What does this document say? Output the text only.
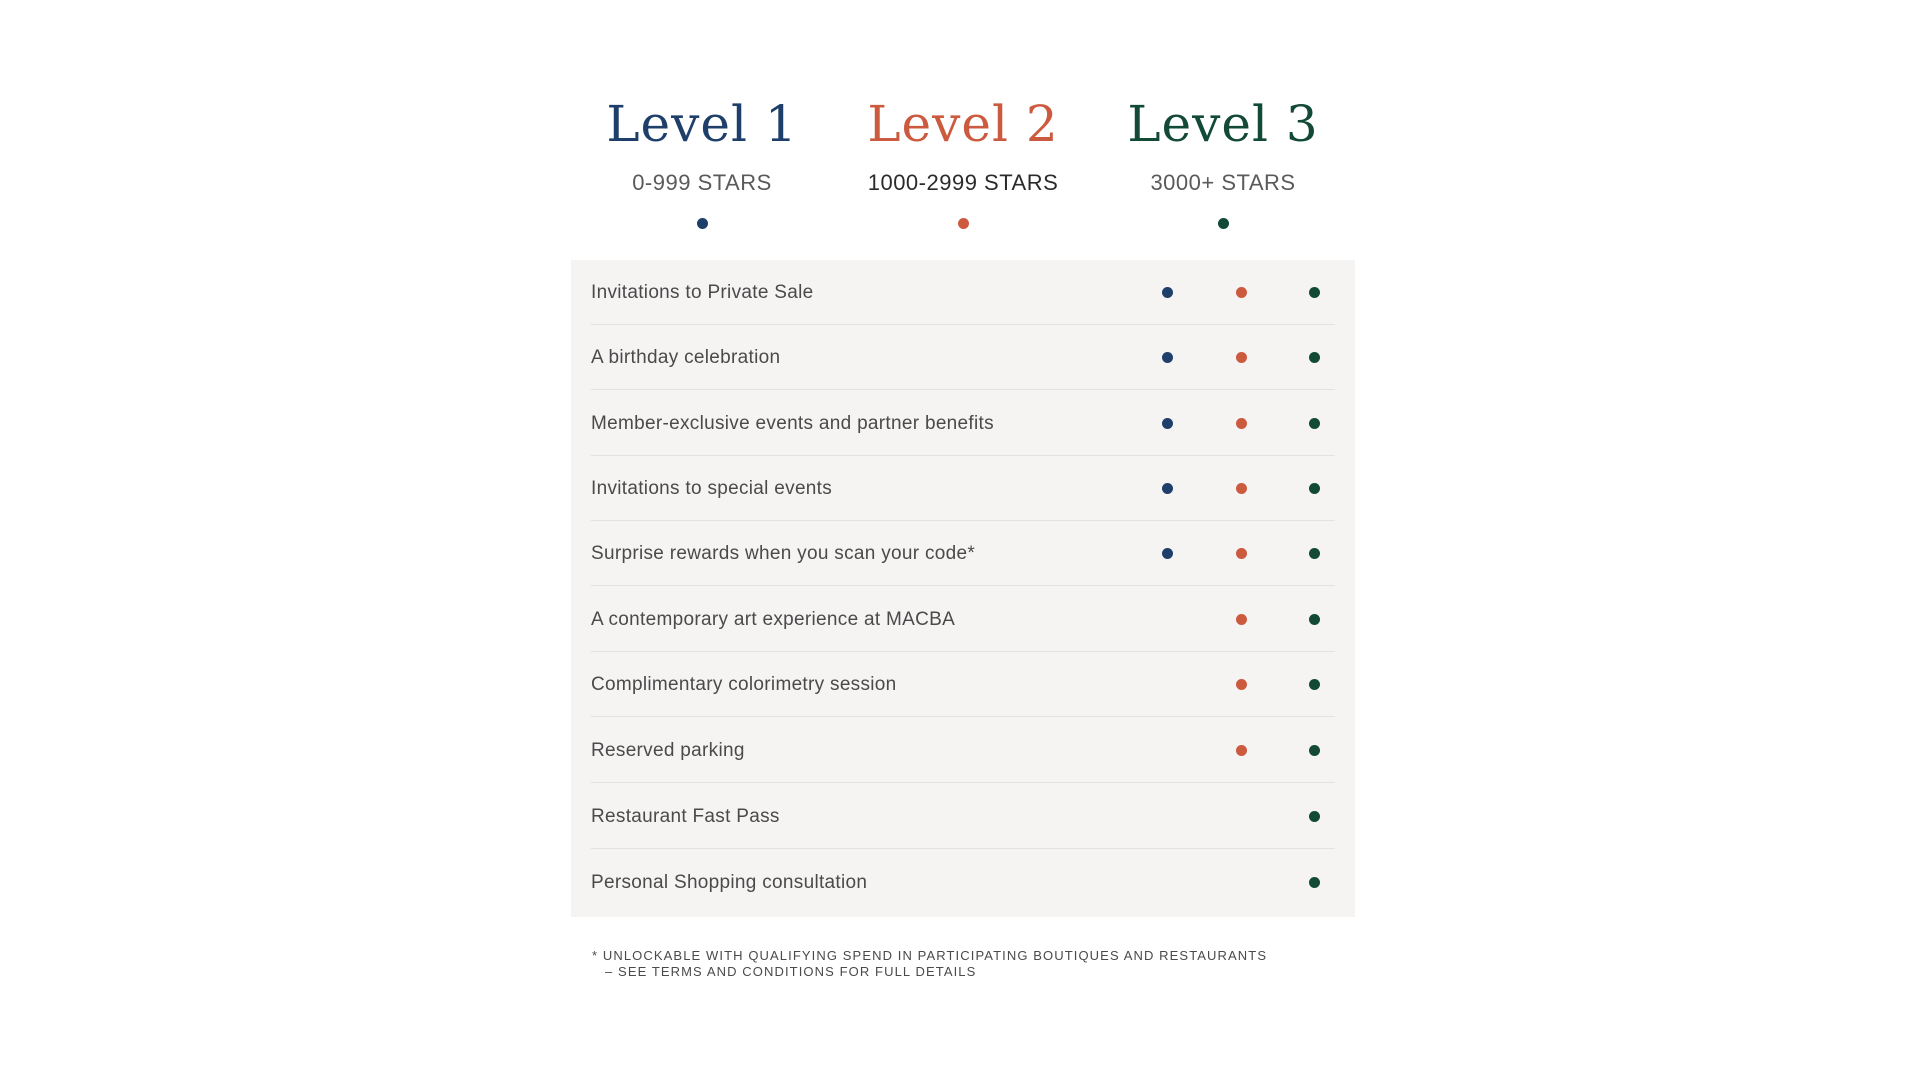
Level 1
0-999 STARS
Level 2
1000-2999 STARS
Level 3
3000+ STARS
Invitations to Private Sale
A birthday celebration
Member-exclusive events and partner benefits
Invitations to special events
Surprise rewards when you scan your code*
A contemporary art experience at MACBA
Complimentary colorimetry session
Reserved parking
Restaurant Fast Pass
Personal Shopping consultation
* UNLOCKABLE WITH QUALIFYING SPEND IN PARTICIPATING BOUTIQUES AND RESTAURANTS
– SEE TERMS AND CONDITIONS FOR FULL DETAILS
